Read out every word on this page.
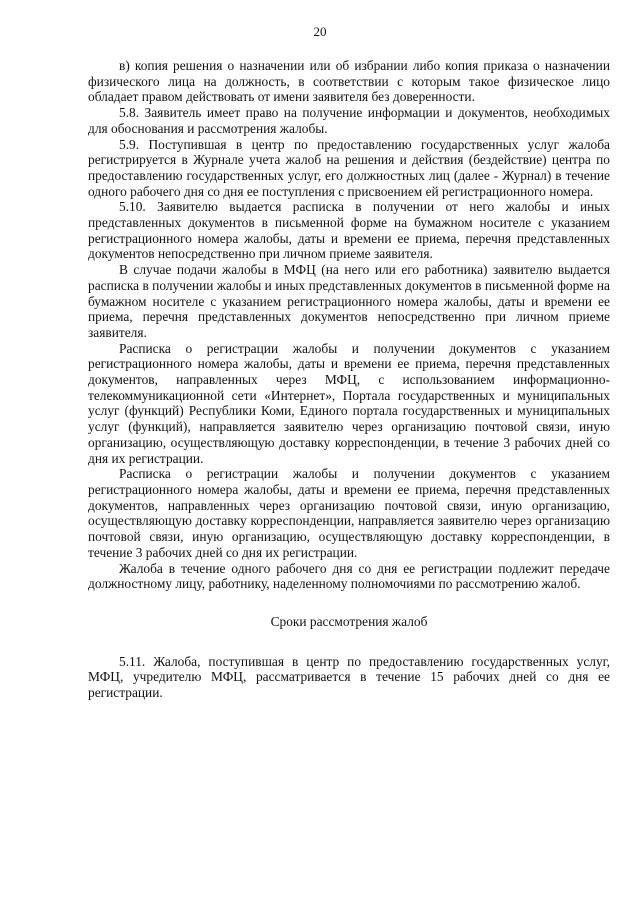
20

в) копия решения о назначении или об избрании либо копия приказа о назначении физического лица на должность, в соответствии с которым такое физическое лицо обладает правом действовать от имени заявителя без доверенности.

5.8. Заявитель имеет право на получение информации и документов, необходимых для обоснования и рассмотрения жалобы.

5.9. Поступившая в центр по предоставлению государственных услуг жалоба регистрируется в Журнале учета жалоб на решения и действия (бездействие) центра по предоставлению государственных услуг, его должностных лиц (далее - Журнал) в течение одного рабочего дня со дня ее поступления с присвоением ей регистрационного номера.

5.10. Заявителю выдается расписка в получении от него жалобы и иных представленных документов в письменной форме на бумажном носителе с указанием регистрационного номера жалобы, даты и времени ее приема, перечня представленных документов непосредственно при личном приеме заявителя.

В случае подачи жалобы в МФЦ (на него или его работника) заявителю выдается расписка в получении жалобы и иных представленных документов в письменной форме на бумажном носителе с указанием регистрационного номера жалобы, даты и времени ее приема, перечня представленных документов непосредственно при личном приеме заявителя.

Расписка о регистрации жалобы и получении документов с указанием регистрационного номера жалобы, даты и времени ее приема, перечня представленных документов, направленных через МФЦ, с использованием информационно-телекоммуникационной сети «Интернет», Портала государственных и муниципальных услуг (функций) Республики Коми, Единого портала государственных и муниципальных услуг (функций), направляется заявителю через организацию почтовой связи, иную организацию, осуществляющую доставку корреспонденции, в течение 3 рабочих дней со дня их регистрации.

Расписка о регистрации жалобы и получении документов с указанием регистрационного номера жалобы, даты и времени ее приема, перечня представленных документов, направленных через организацию почтовой связи, иную организацию, осуществляющую доставку корреспонденции, направляется заявителю через организацию почтовой связи, иную организацию, осуществляющую доставку корреспонденции, в течение 3 рабочих дней со дня их регистрации.

Жалоба в течение одного рабочего дня со дня ее регистрации подлежит передаче должностному лицу, работнику, наделенному полномочиями по рассмотрению жалоб.

Сроки рассмотрения жалоб

5.11. Жалоба, поступившая в центр по предоставлению государственных услуг, МФЦ, учредителю МФЦ, рассматривается в течение 15 рабочих дней со дня ее регистрации.
